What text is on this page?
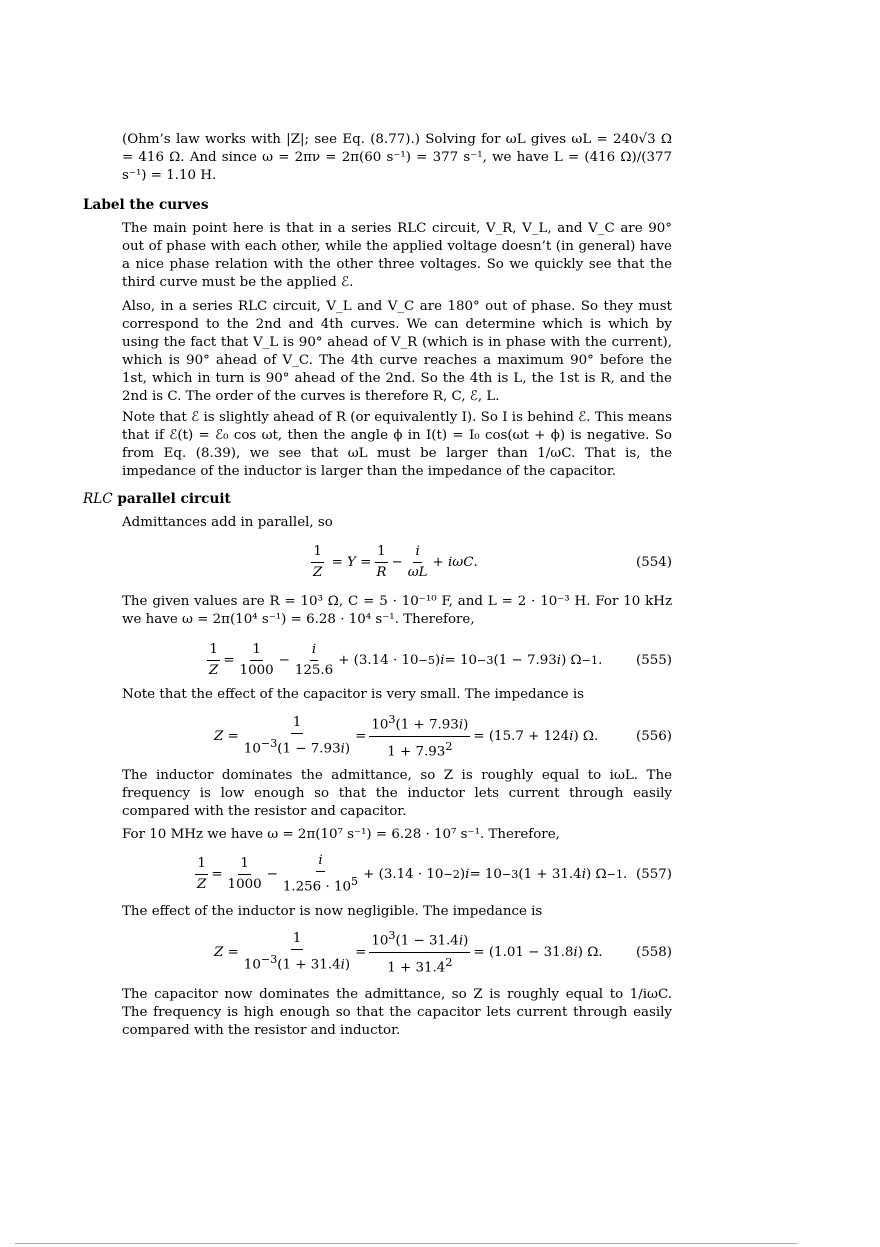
(Ohm’s law works with |Z|; see Eq. (8.77).) Solving for ωL gives ωL = 240√3 Ω = 416 Ω. And since ω = 2πν = 2π(60 s⁻¹) = 377 s⁻¹, we have L = (416 Ω)/(377 s⁻¹) = 1.10 H.

Label the curves

The main point here is that in a series RLC circuit, V_R, V_L, and V_C are 90° out of phase with each other, while the applied voltage doesn’t (in general) have a nice phase relation with the other three voltages. So we quickly see that the third curve must be the applied ℰ.

Also, in a series RLC circuit, V_L and V_C are 180° out of phase. So they must correspond to the 2nd and 4th curves. We can determine which is which by using the fact that V_L is 90° ahead of V_R (which is in phase with the current), which is 90° ahead of V_C. The 4th curve reaches a maximum 90° before the 1st, which in turn is 90° ahead of the 2nd. So the 4th is L, the 1st is R, and the 2nd is C. The order of the curves is therefore R, C, ℰ, L.

Note that ℰ is slightly ahead of R (or equivalently I). So I is behind ℰ. This means that if ℰ(t) = ℰ₀ cos ωt, then the angle ϕ in I(t) = I₀ cos(ωt + ϕ) is negative. So from Eq. (8.39), we see that ωL must be larger than 1/ωC. That is, the impedance of the inductor is larger than the impedance of the capacitor.

RLC parallel circuit

Admittances add in parallel, so

$\frac{1}{Z} = Y = \frac{1}{R} - \frac{i}{\omega L} + i\omega C$ .	(554)

The given values are R = 10³ Ω, C = 5 · 10⁻¹⁰ F, and L = 2 · 10⁻³ H. For 10 kHz we have ω = 2π(10⁴ s⁻¹) = 6.28 · 10⁴ s⁻¹. Therefore,

$\frac{1}{Z} = \frac{1}{1000} - \frac{i}{125.6} + (3.14 \cdot 10 -5$ ) i = 10 −3 (1 − 7.93 i ) Ω −1 .	(555)

Note that the effect of the capacitor is very small. The impedance is

$Z = \frac{1}{10^{-3}(1 - 7.93i)} = \frac{10^3(1 + 7.93i)}{1 + 7.93^2} = (15.7 + 124$ i ) Ω.	(556)

The inductor dominates the admittance, so Z is roughly equal to iωL. The frequency is low enough so that the inductor lets current through easily compared with the resistor and capacitor.

For 10 MHz we have ω = 2π(10⁷ s⁻¹) = 6.28 · 10⁷ s⁻¹. Therefore,

$\frac{1}{Z} = \frac{1}{1000} - \frac{i}{1.256 \cdot 10^5} + (3.14 \cdot 10 -2$ ) i = 10 −3 (1 + 31.4 i ) Ω −1 . (557)

The effect of the inductor is now negligible. The impedance is

$Z = \frac{1}{10^{-3}(1 + 31.4i)} = \frac{10^3(1 - 31.4i)}{1 + 31.4^2} = (1.01 - 31.8$ i ) Ω. (558)

The capacitor now dominates the admittance, so Z is roughly equal to 1/iωC. The frequency is high enough so that the capacitor lets current through easily compared with the resistor and inductor.
